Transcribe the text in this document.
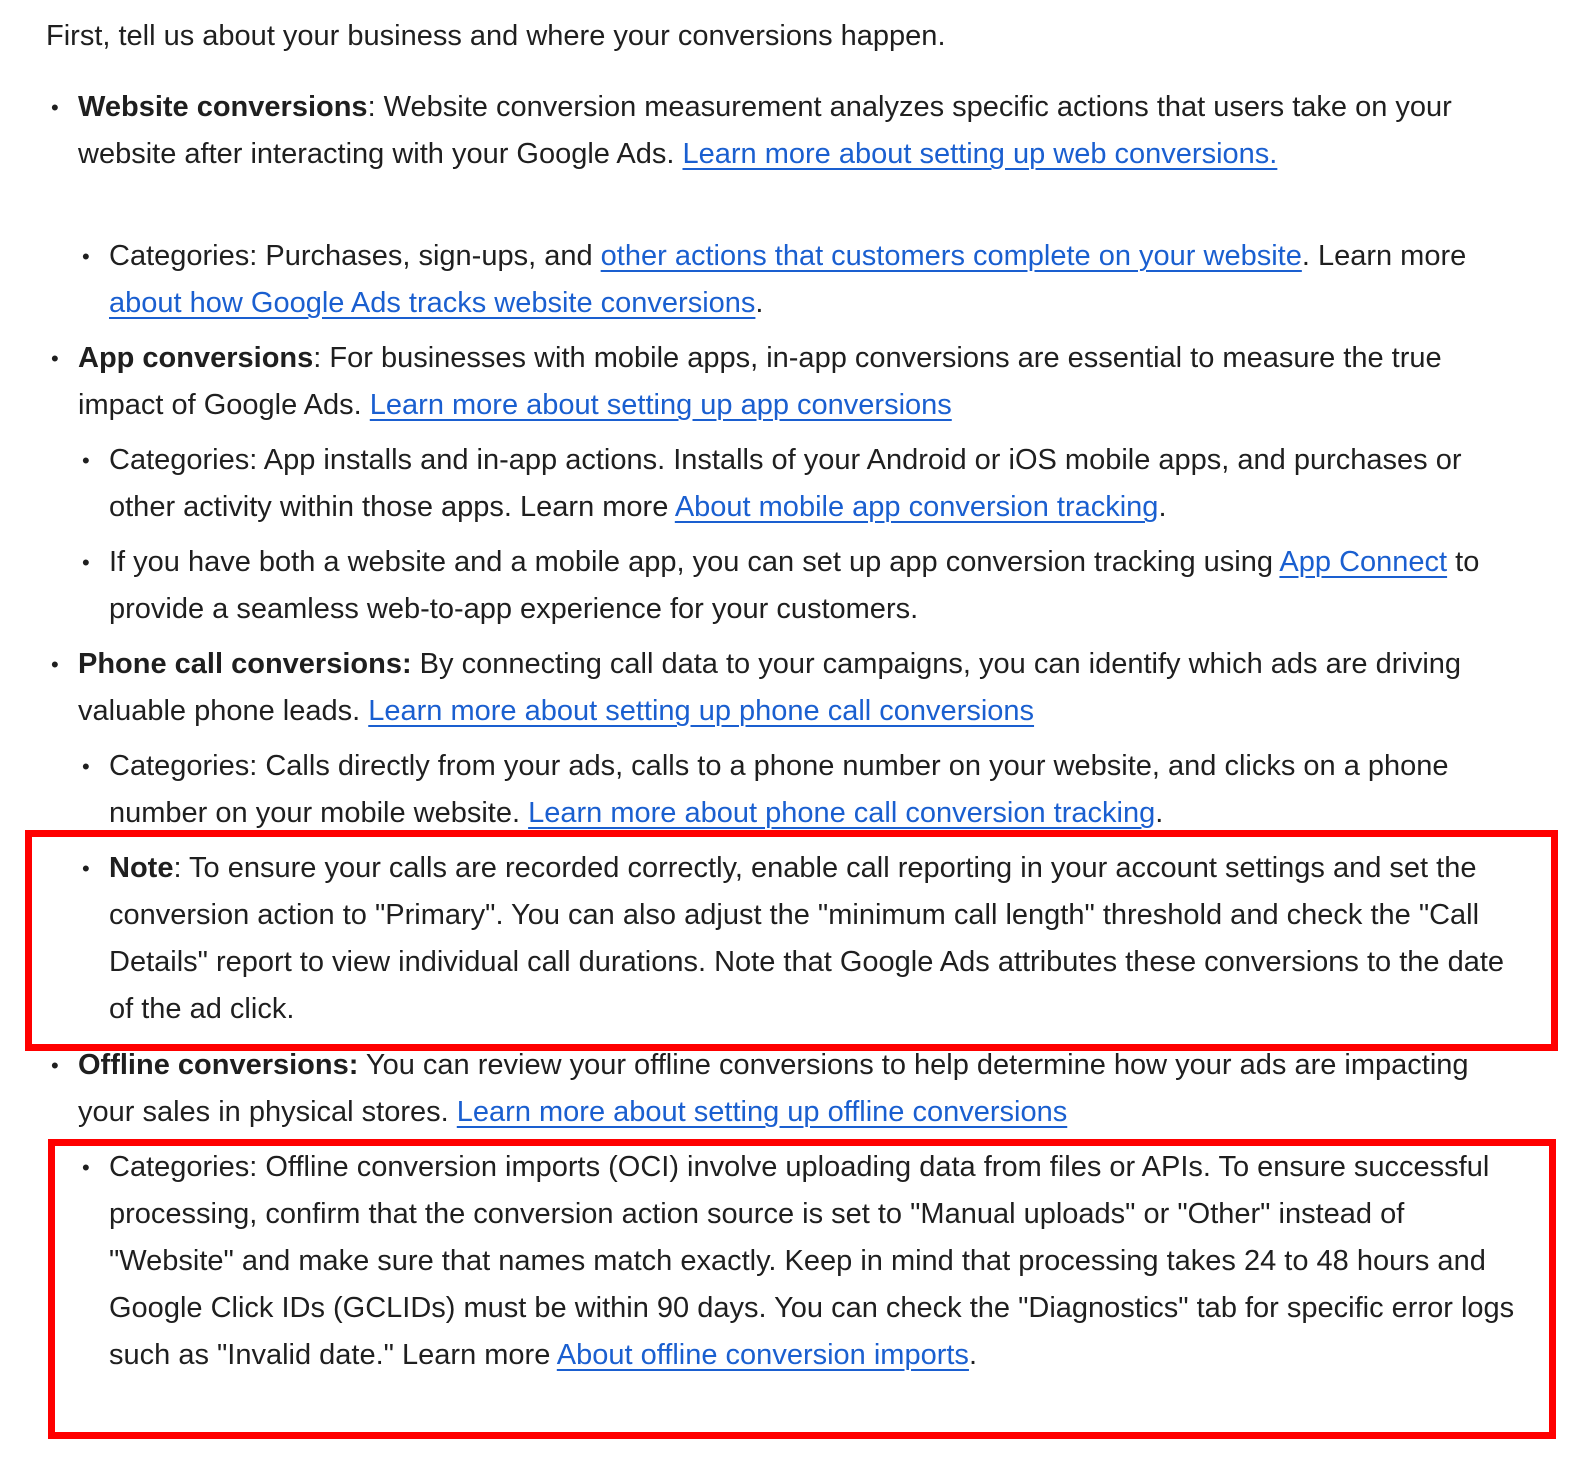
First, tell us about your business and where your conversions happen.

• Website conversions: Website conversion measurement analyzes specific actions that users take on your website after interacting with your Google Ads. Learn more about setting up web conversions.
• Categories: Purchases, sign-ups, and other actions that customers complete on your website. Learn more about how Google Ads tracks website conversions.
• App conversions: For businesses with mobile apps, in-app conversions are essential to measure the true impact of Google Ads. Learn more about setting up app conversions
• Categories: App installs and in-app actions. Installs of your Android or iOS mobile apps, and purchases or other activity within those apps. Learn more About mobile app conversion tracking.
• If you have both a website and a mobile app, you can set up app conversion tracking using App Connect to provide a seamless web-to-app experience for your customers.
• Phone call conversions: By connecting call data to your campaigns, you can identify which ads are driving valuable phone leads. Learn more about setting up phone call conversions
• Categories: Calls directly from your ads, calls to a phone number on your website, and clicks on a phone number on your mobile website. Learn more about phone call conversion tracking.
• Note: To ensure your calls are recorded correctly, enable call reporting in your account settings and set the conversion action to "Primary". You can also adjust the "minimum call length" threshold and check the "Call Details" report to view individual call durations. Note that Google Ads attributes these conversions to the date of the ad click.
• Offline conversions: You can review your offline conversions to help determine how your ads are impacting your sales in physical stores. Learn more about setting up offline conversions
• Categories: Offline conversion imports (OCI) involve uploading data from files or APIs. To ensure successful processing, confirm that the conversion action source is set to "Manual uploads" or "Other" instead of "Website" and make sure that names match exactly. Keep in mind that processing takes 24 to 48 hours and Google Click IDs (GCLIDs) must be within 90 days. You can check the "Diagnostics" tab for specific error logs such as "Invalid date." Learn more About offline conversion imports.
